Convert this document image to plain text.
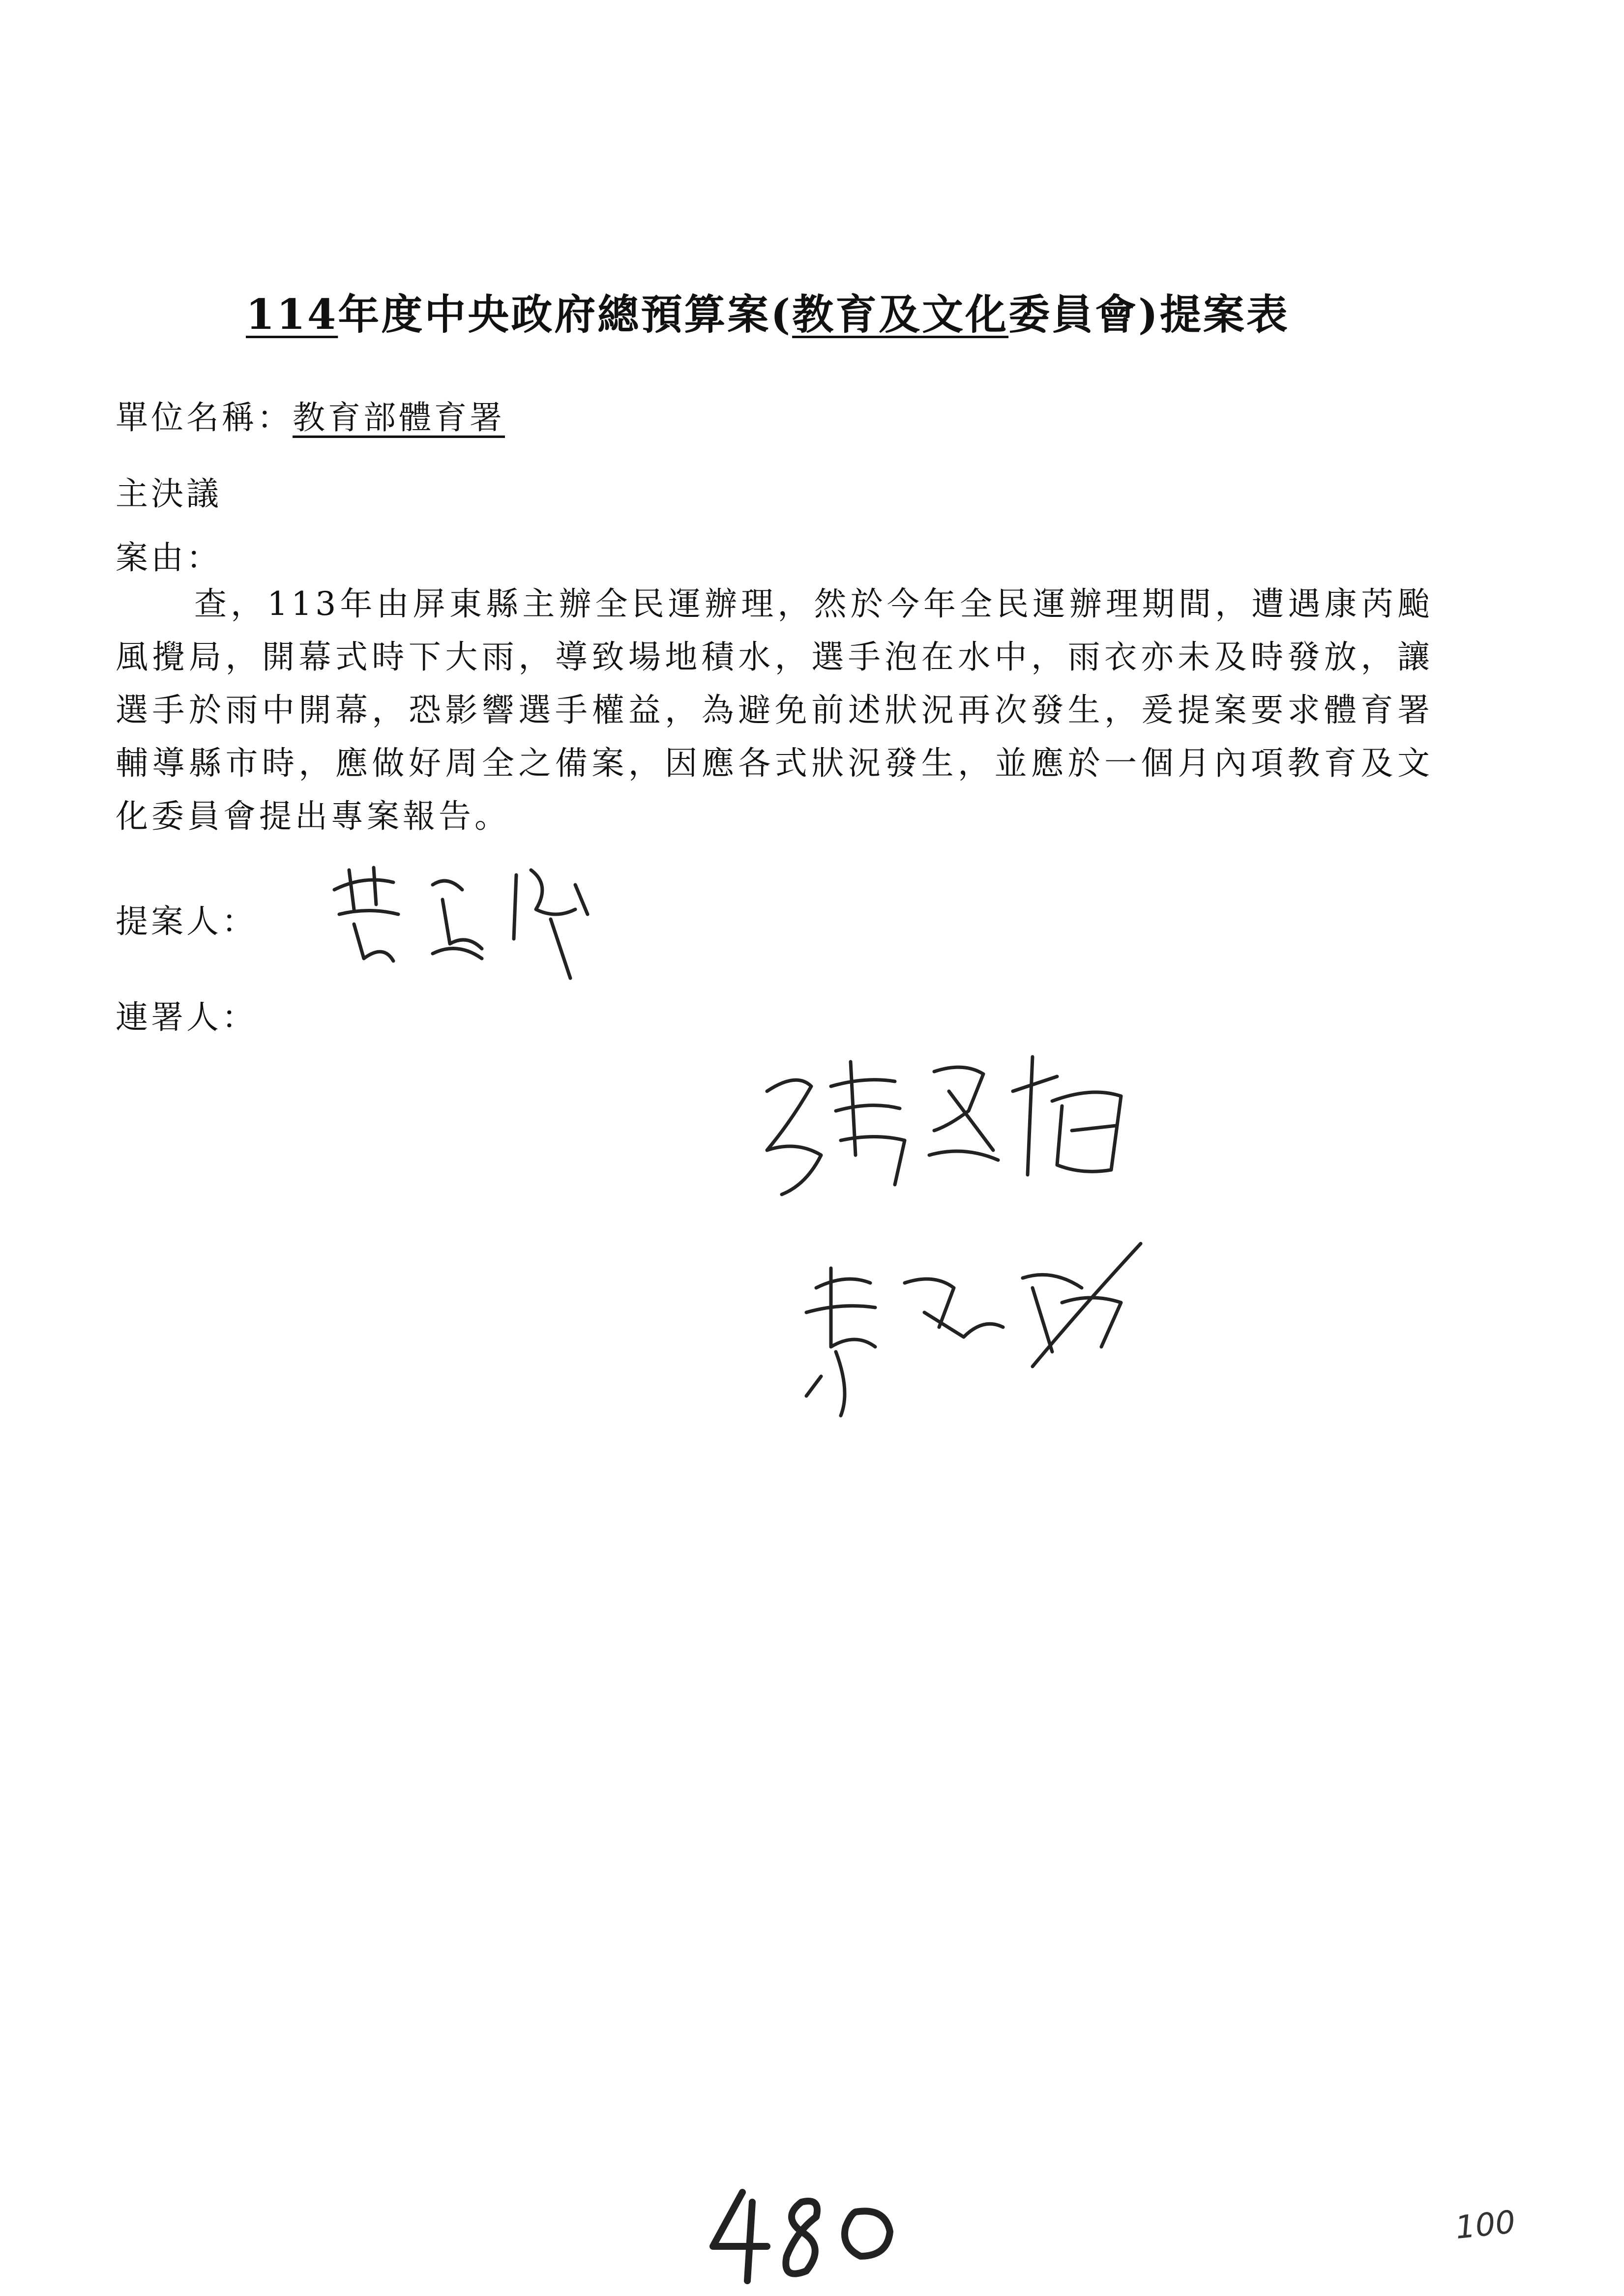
114年度中央政府總預算案(教育及文化委員會)提案表
單位名稱：教育部體育署
主決議
案由：
查，113年由屏東縣主辦全民運辦理，然於今年全民運辦理期間，遭遇康芮颱風攪局，開幕式時下大雨，導致場地積水，選手泡在水中，雨衣亦未及時發放，讓選手於雨中開幕，恐影響選手權益，為避免前述狀況再次發生，爰提案要求體育署輔導縣市時，應做好周全之備案，因應各式狀況發生，並應於一個月內項教育及文化委員會提出專案報告。
提案人：
連署人：
100
